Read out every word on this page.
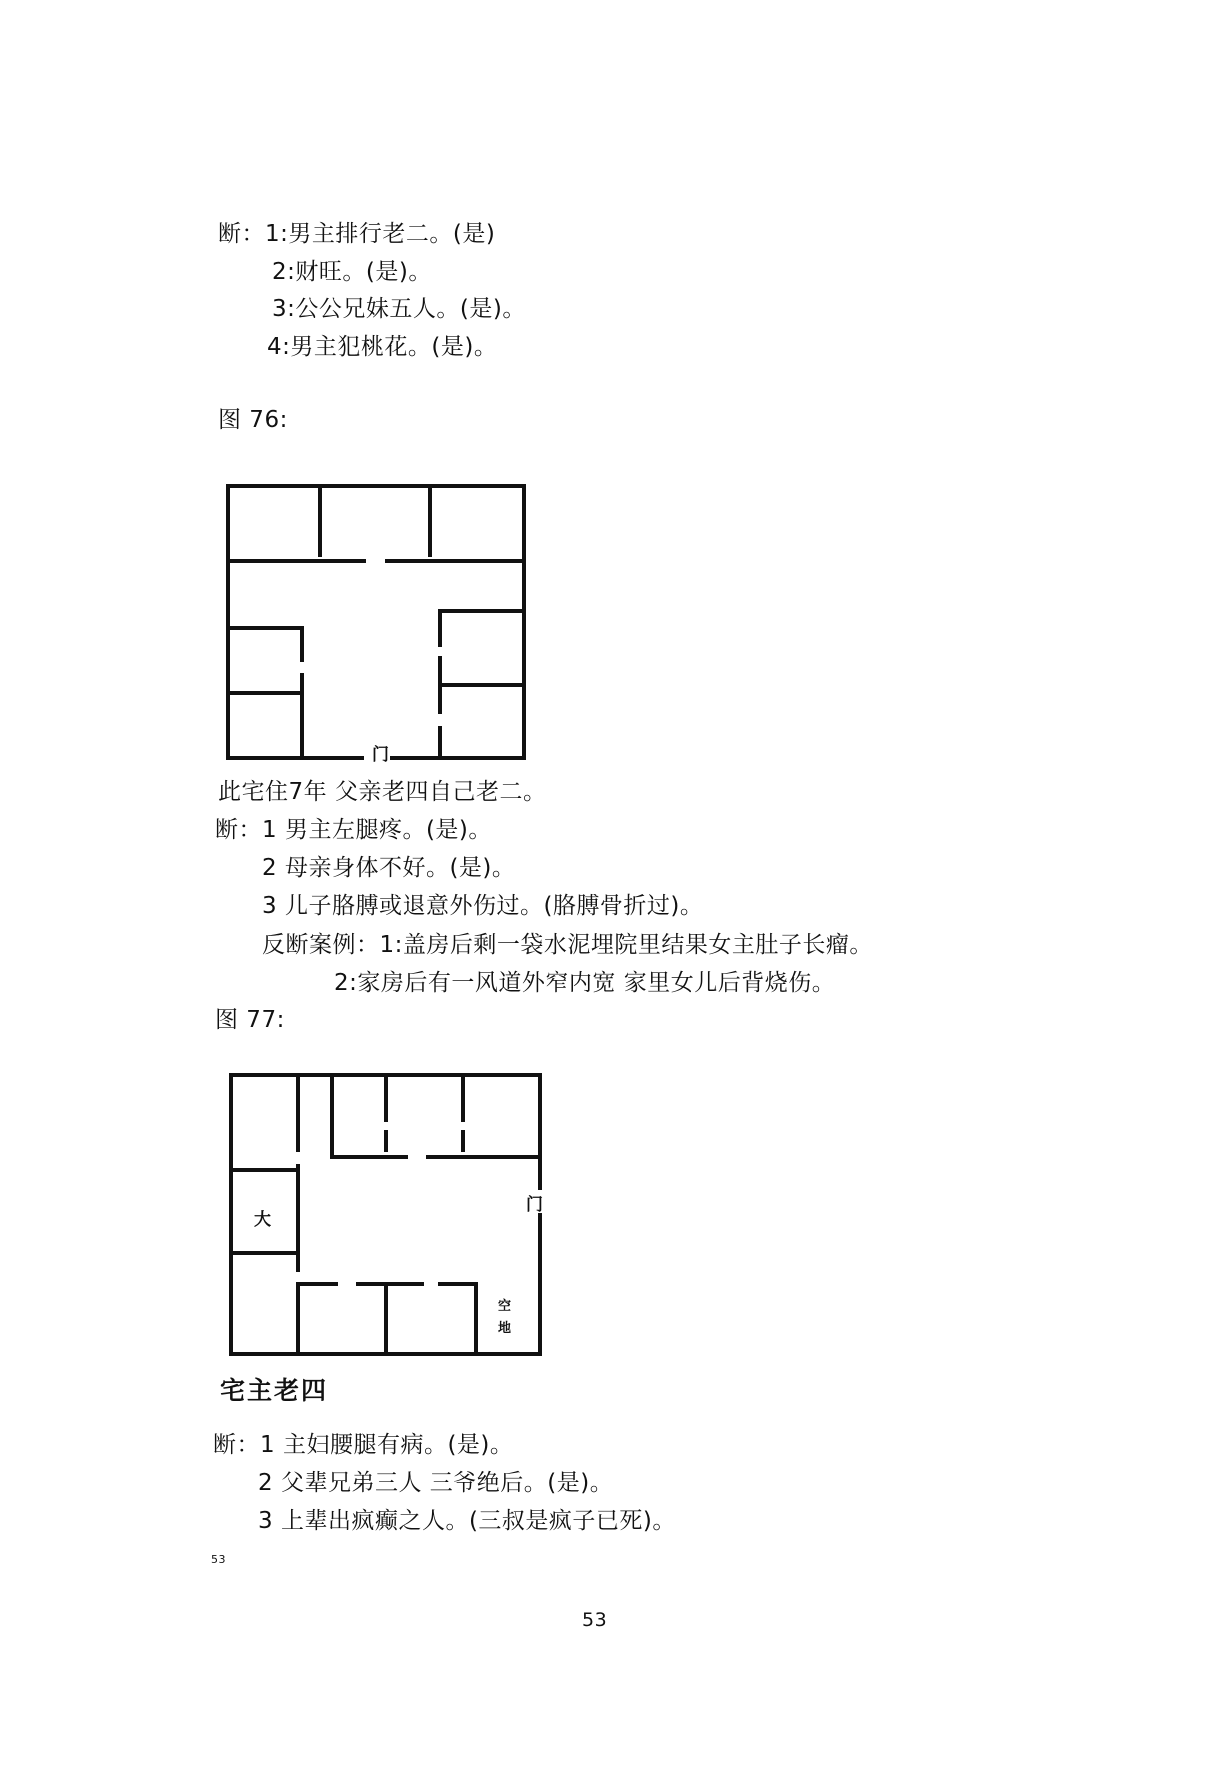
断：1:男主排行老二。(是)
2:财旺。(是)。
3:公公兄妹五人。(是)。
4:男主犯桃花。(是)。
图 76:
门
此宅住7年 父亲老四自己老二。
断：1 男主左腿疼。(是)。
2 母亲身体不好。(是)。
3 儿子胳膊或退意外伤过。(胳膊骨折过)。
反断案例：1:盖房后剩一袋水泥埋院里结果女主肚子长瘤。
2:家房后有一风道外窄内宽 家里女儿后背烧伤。
图 77:
大
门
空
地
宅主老四
断：1 主妇腰腿有病。(是)。
2 父辈兄弟三人 三爷绝后。(是)。
3 上辈出疯癫之人。(三叔是疯子已死)。
53
53
